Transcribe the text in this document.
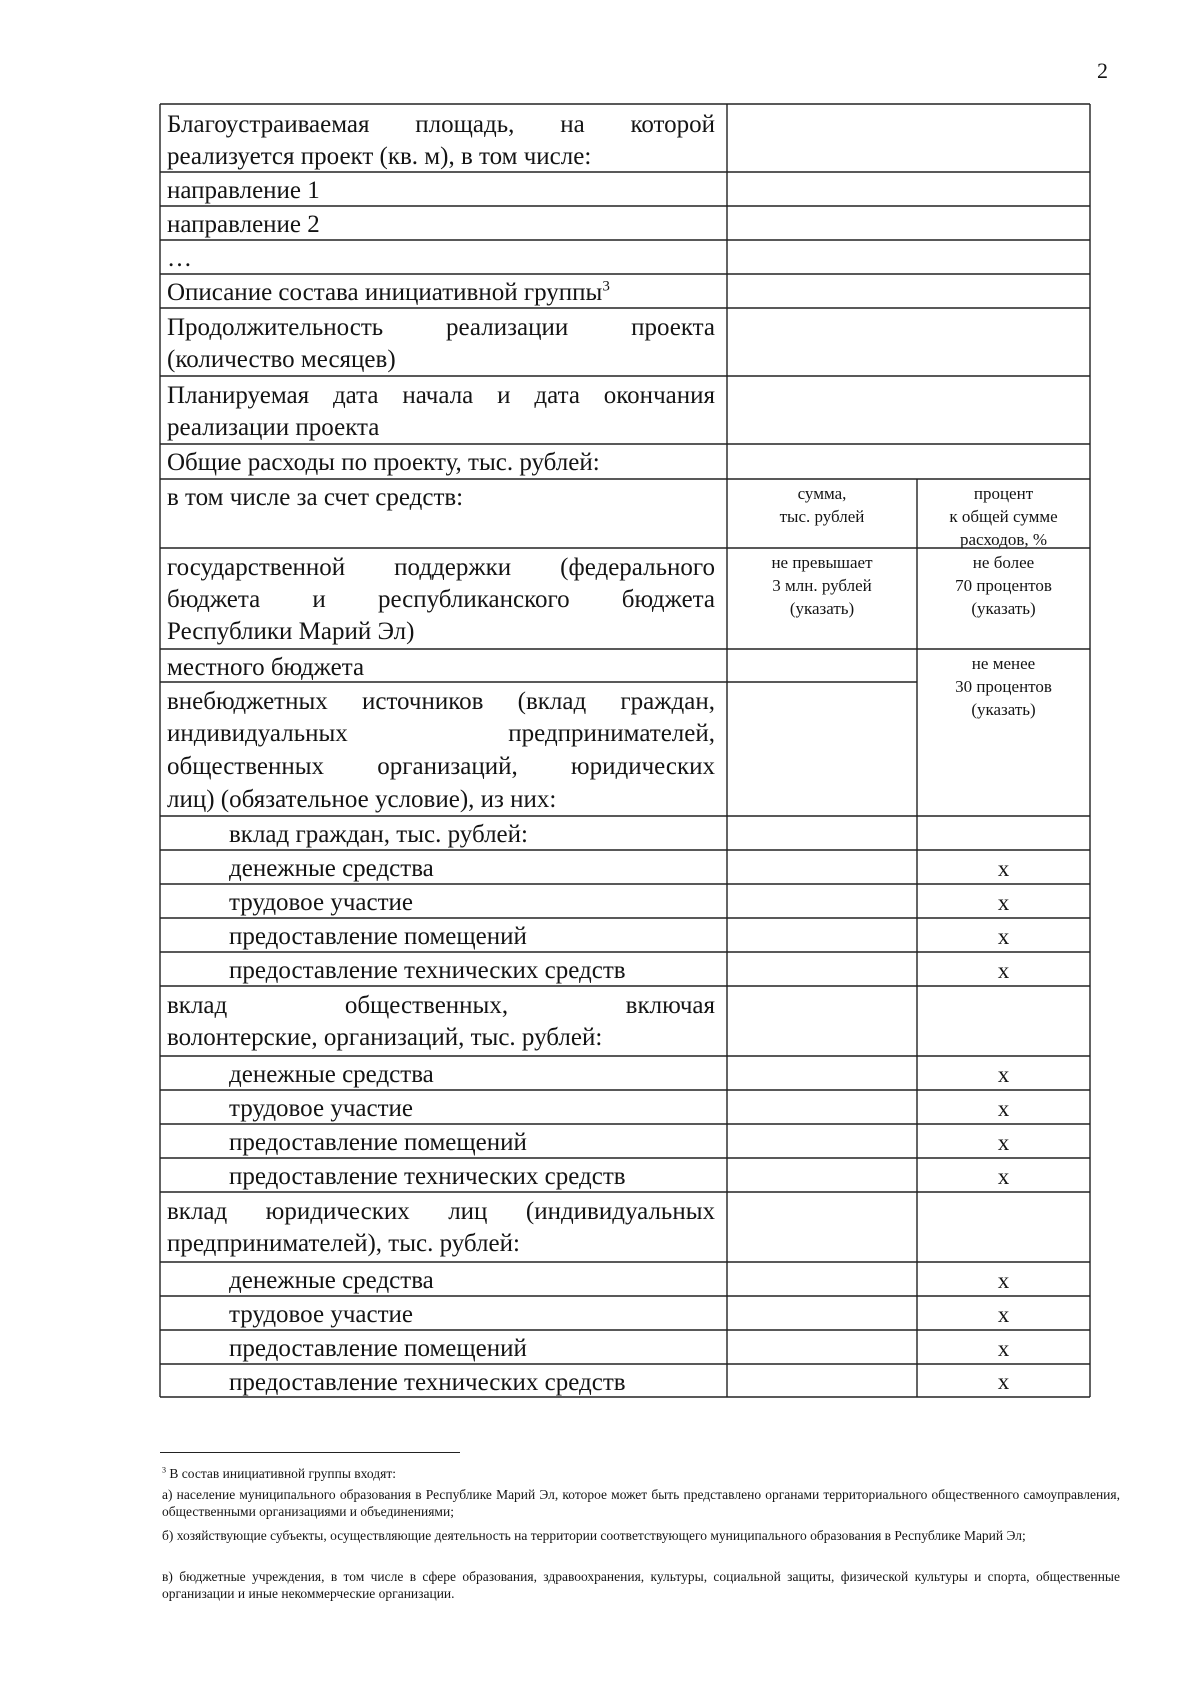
2

Благоустраиваемая площадь, на которой

реализуется проект (кв. м), в том числе:

направление 1

направление 2

…

Описание состава инициативной группы$^3$

Продолжительность реализации проекта

(количество месяцев)

Планируемая дата начала и дата окончания

реализации проекта

Общие расходы по проекту, тыс. рублей:

в том числе за счет средств:

государственной поддержки (федерального

бюджета и республиканского бюджета

Республики Марий Эл)

местного бюджета

внебюджетных источников (вклад граждан,

индивидуальных предпринимателей,

общественных организаций, юридических

лиц) (обязательное условие), из них:

вклад граждан, тыс. рублей:

денежные средства

трудовое участие

предоставление помещений

предоставление технических средств

вклад общественных, включая

волонтерские, организаций, тыс. рублей:

денежные средства

трудовое участие

предоставление помещений

предоставление технических средств

вклад юридических лиц (индивидуальных

предпринимателей), тыс. рублей:

денежные средства

трудовое участие

предоставление помещений

предоставление технических средств

сумма,
тыс. рублей
процент
к общей сумме
расходов, %
не превышает
3 млн. рублей
(указать)
не более
70 процентов
(указать)
не менее
30 процентов
(указать)
х
х
х
х
х
х
х
х
х
х
х
х

$^3$ В состав инициативной группы входят:

а) население муниципального образования в Республике Марий Эл, которое может быть представлено органами территориального общественного самоуправления, общественными организациями и объединениями;

б) хозяйствующие субъекты, осуществляющие деятельность на территории соответствующего муниципального образования в Республике Марий Эл;

в) бюджетные учреждения, в том числе в сфере образования, здравоохранения, культуры, социальной защиты, физической культуры и спорта, общественные организации и иные некоммерческие организации.
